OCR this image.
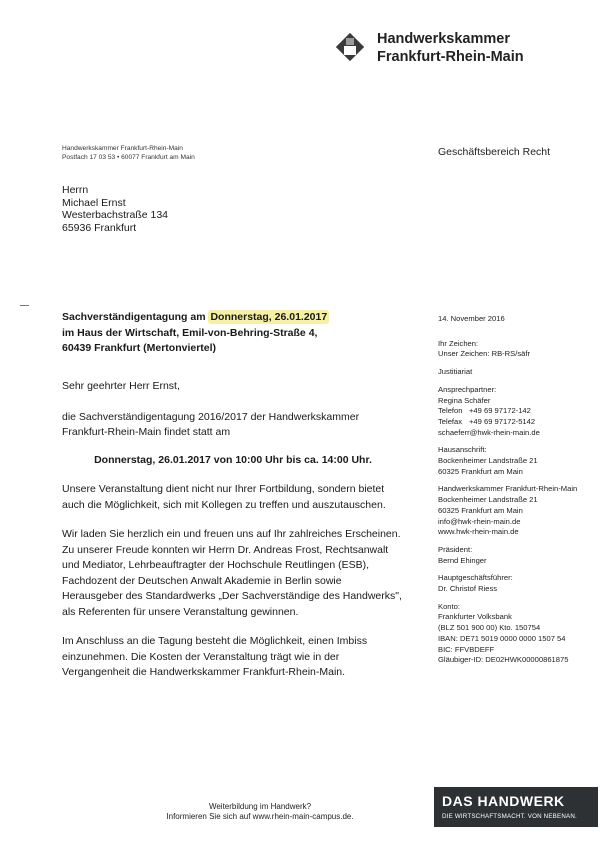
Handwerkskammer
Frankfurt-Rhein-Main
Handwerkskammer Frankfurt-Rhein-Main
Postfach 17 03 53 • 60077 Frankfurt am Main	Geschäftsbereich Recht
Herrn
Michael Ernst
Westerbachstraße 134
65936 Frankfurt
Sachverständigentagung am Donnerstag, 26.01.2017
im Haus der Wirtschaft, Emil-von-Behring-Straße 4,
60439 Frankfurt (Mertonviertel)

Sehr geehrter Herr Ernst,

die Sachverständigentagung 2016/2017 der Handwerkskammer Frankfurt-Rhein-Main findet statt am

Donnerstag, 26.01.2017 von 10:00 Uhr bis ca. 14:00 Uhr.

Unsere Veranstaltung dient nicht nur Ihrer Fortbildung, sondern bietet auch die Möglichkeit, sich mit Kollegen zu treffen und auszutauschen.

Wir laden Sie herzlich ein und freuen uns auf Ihr zahlreiches Erscheinen. Zu unserer Freude konnten wir Herrn Dr. Andreas Frost, Rechtsanwalt und Mediator, Lehrbeauftragter der Hochschule Reutlingen (ESB), Fachdozent der Deutschen Anwalt Akademie in Berlin sowie Herausgeber des Standardwerks „Der Sachverständige des Handwerks", als Referenten für unsere Veranstaltung gewinnen.

Im Anschluss an die Tagung besteht die Möglichkeit, einen Imbiss einzunehmen. Die Kosten der Veranstaltung trägt wie in der Vergangenheit die Handwerkskammer Frankfurt-Rhein-Main.

14. November 2016
Ihr Zeichen:
Unser Zeichen: RB-RS/säfr
Justitiariat
Ansprechpartner:
Regina Schäfer
Telefon +49 69 97172-142
Telefax +49 69 97172-5142
schaeferr@hwk-rhein-main.de
Hausanschrift:
Bockenheimer Landstraße 21
60325 Frankfurt am Main
Handwerkskammer Frankfurt-Rhein-Main
Bockenheimer Landstraße 21
60325 Frankfurt am Main
info@hwk-rhein-main.de
www.hwk-rhein-main.de
Präsident:
Bernd Ehinger
Hauptgeschäftsführer:
Dr. Christof Riess
Konto:
Frankfurter Volksbank
(BLZ 501 900 00) Kto. 150754
IBAN: DE71 5019 0000 0000 1507 54
BIC: FFVBDEFF
Gläubiger-ID: DE02HWK00000861875
Weiterbildung im Handwerk?
Informieren Sie sich auf www.rhein-main-campus.de.
DAS HANDWERK
DIE WIRTSCHAFTSMACHT. VON NEBENAN.
